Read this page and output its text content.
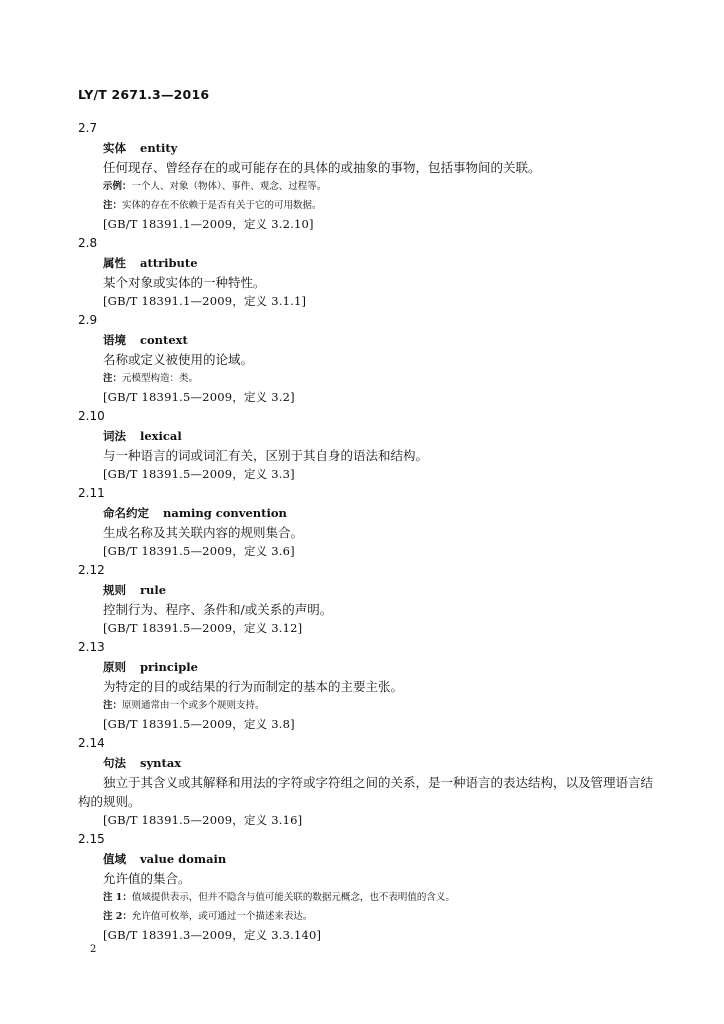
LY/T 2671.3—2016
2.7
实体 entity
任何现存、曾经存在的或可能存在的具体的或抽象的事物，包括事物间的关联。
示例：一个人、对象（物体）、事件、观念、过程等。
注：实体的存在不依赖于是否有关于它的可用数据。
[GB/T 18391.1—2009，定义 3.2.10]
2.8
属性 attribute
某个对象或实体的一种特性。
[GB/T 18391.1—2009，定义 3.1.1]
2.9
语境 context
名称或定义被使用的论域。
注：元模型构造：类。
[GB/T 18391.5—2009，定义 3.2]
2.10
词法 lexical
与一种语言的词或词汇有关，区别于其自身的语法和结构。
[GB/T 18391.5—2009，定义 3.3]
2.11
命名约定 naming convention
生成名称及其关联内容的规则集合。
[GB/T 18391.5—2009，定义 3.6]
2.12
规则 rule
控制行为、程序、条件和/或关系的声明。
[GB/T 18391.5—2009，定义 3.12]
2.13
原则 principle
为特定的目的或结果的行为而制定的基本的主要主张。
注：原则通常由一个或多个规则支持。
[GB/T 18391.5—2009，定义 3.8]
2.14
句法 syntax
独立于其含义或其解释和用法的字符或字符组之间的关系，是一种语言的表达结构，以及管理语言结构的规则。
[GB/T 18391.5—2009，定义 3.16]
2.15
值域 value domain
允许值的集合。
注 1：值域提供表示，但并不隐含与值可能关联的数据元概念，也不表明值的含义。
注 2：允许值可枚举，或可通过一个描述来表达。
[GB/T 18391.3—2009，定义 3.3.140]
2
